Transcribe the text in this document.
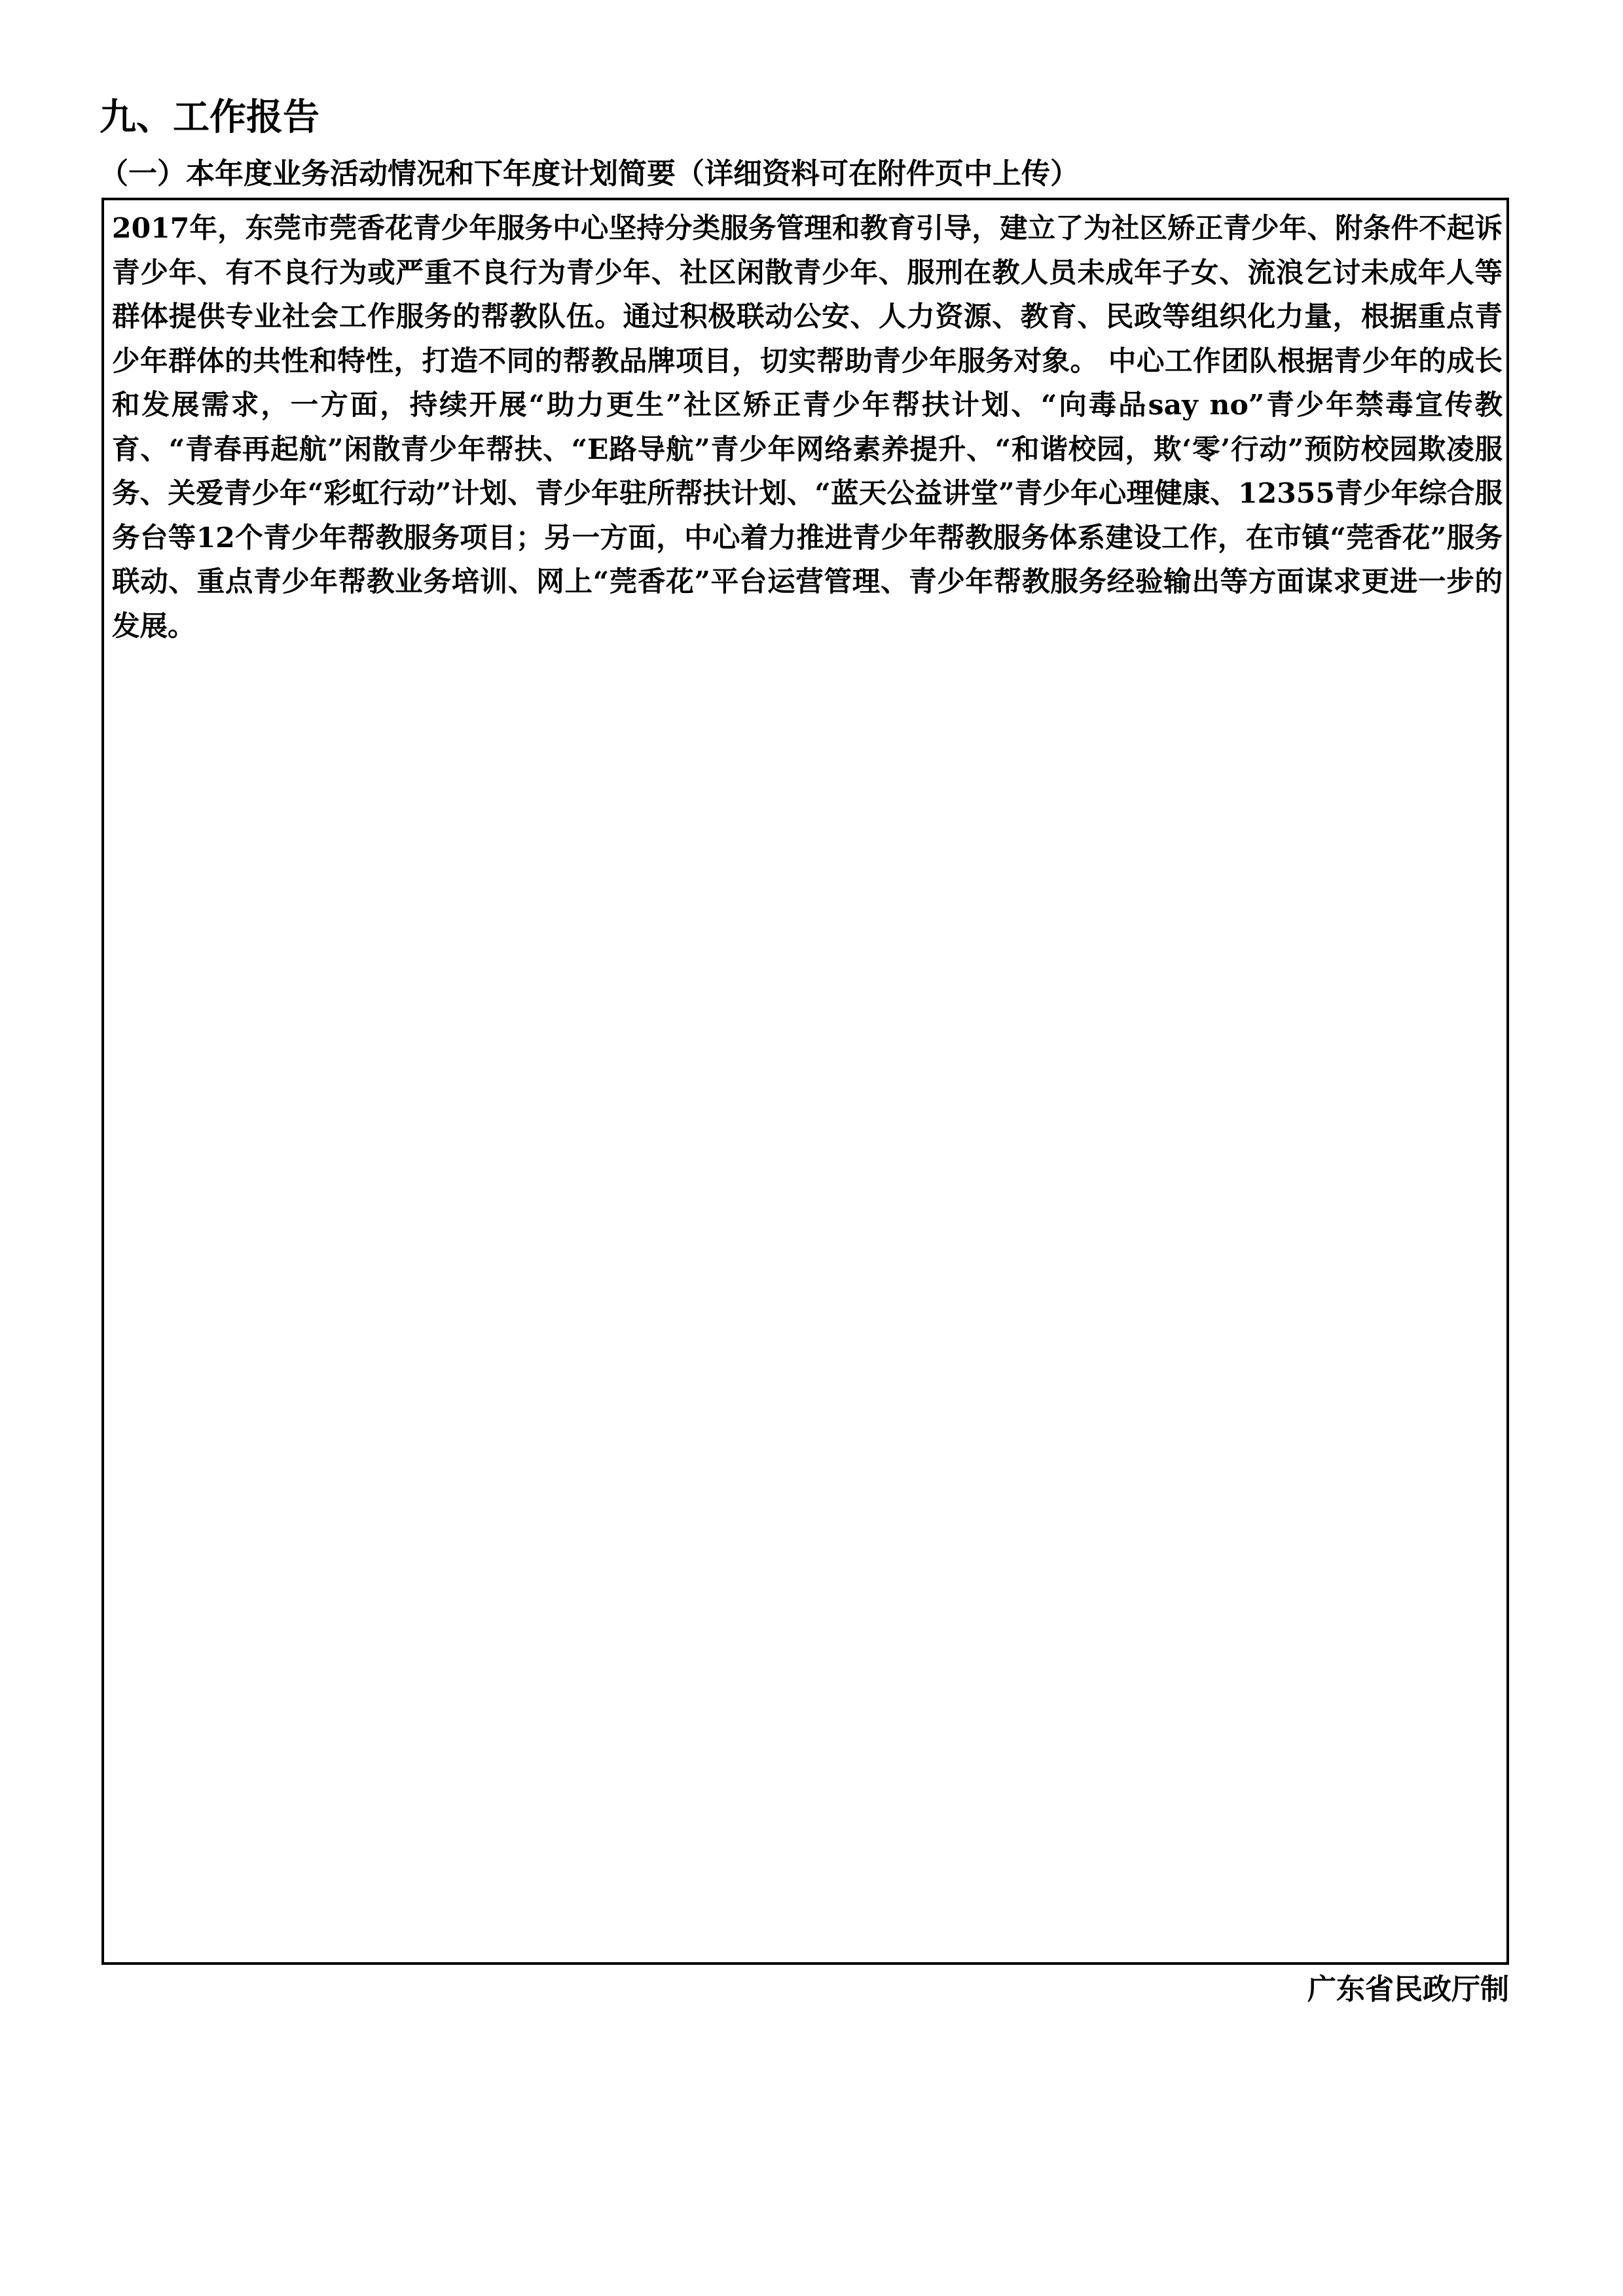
九、工作报告
（一）本年度业务活动情况和下年度计划简要（详细资料可在附件页中上传）

2017年，东莞市莞香花青少年服务中心坚持分类服务管理和教育引导，建立了为社区矫正青少年、附条件不起诉青少年、有不良行为或严重不良行为青少年、社区闲散青少年、服刑在教人员未成年子女、流浪乞讨未成年人等群体提供专业社会工作服务的帮教队伍。通过积极联动公安、人力资源、教育、民政等组织化力量，根据重点青少年群体的共性和特性，打造不同的帮教品牌项目，切实帮助青少年服务对象。 中心工作团队根据青少年的成长和发展需求，一方面，持续开展“助力更生”社区矫正青少年帮扶计划、“向毒品say no”青少年禁毒宣传教育、“青春再起航”闲散青少年帮扶、“E路导航”青少年网络素养提升、“和谐校园，欺‘零’行动”预防校园欺凌服务、关爱青少年“彩虹行动”计划、青少年驻所帮扶计划、“蓝天公益讲堂”青少年心理健康、12355青少年综合服务台等12个青少年帮教服务项目；另一方面，中心着力推进青少年帮教服务体系建设工作，在市镇“莞香花”服务联动、重点青少年帮教业务培训、网上“莞香花”平台运营管理、青少年帮教服务经验输出等方面谋求更进一步的发展。

广东省民政厅制
